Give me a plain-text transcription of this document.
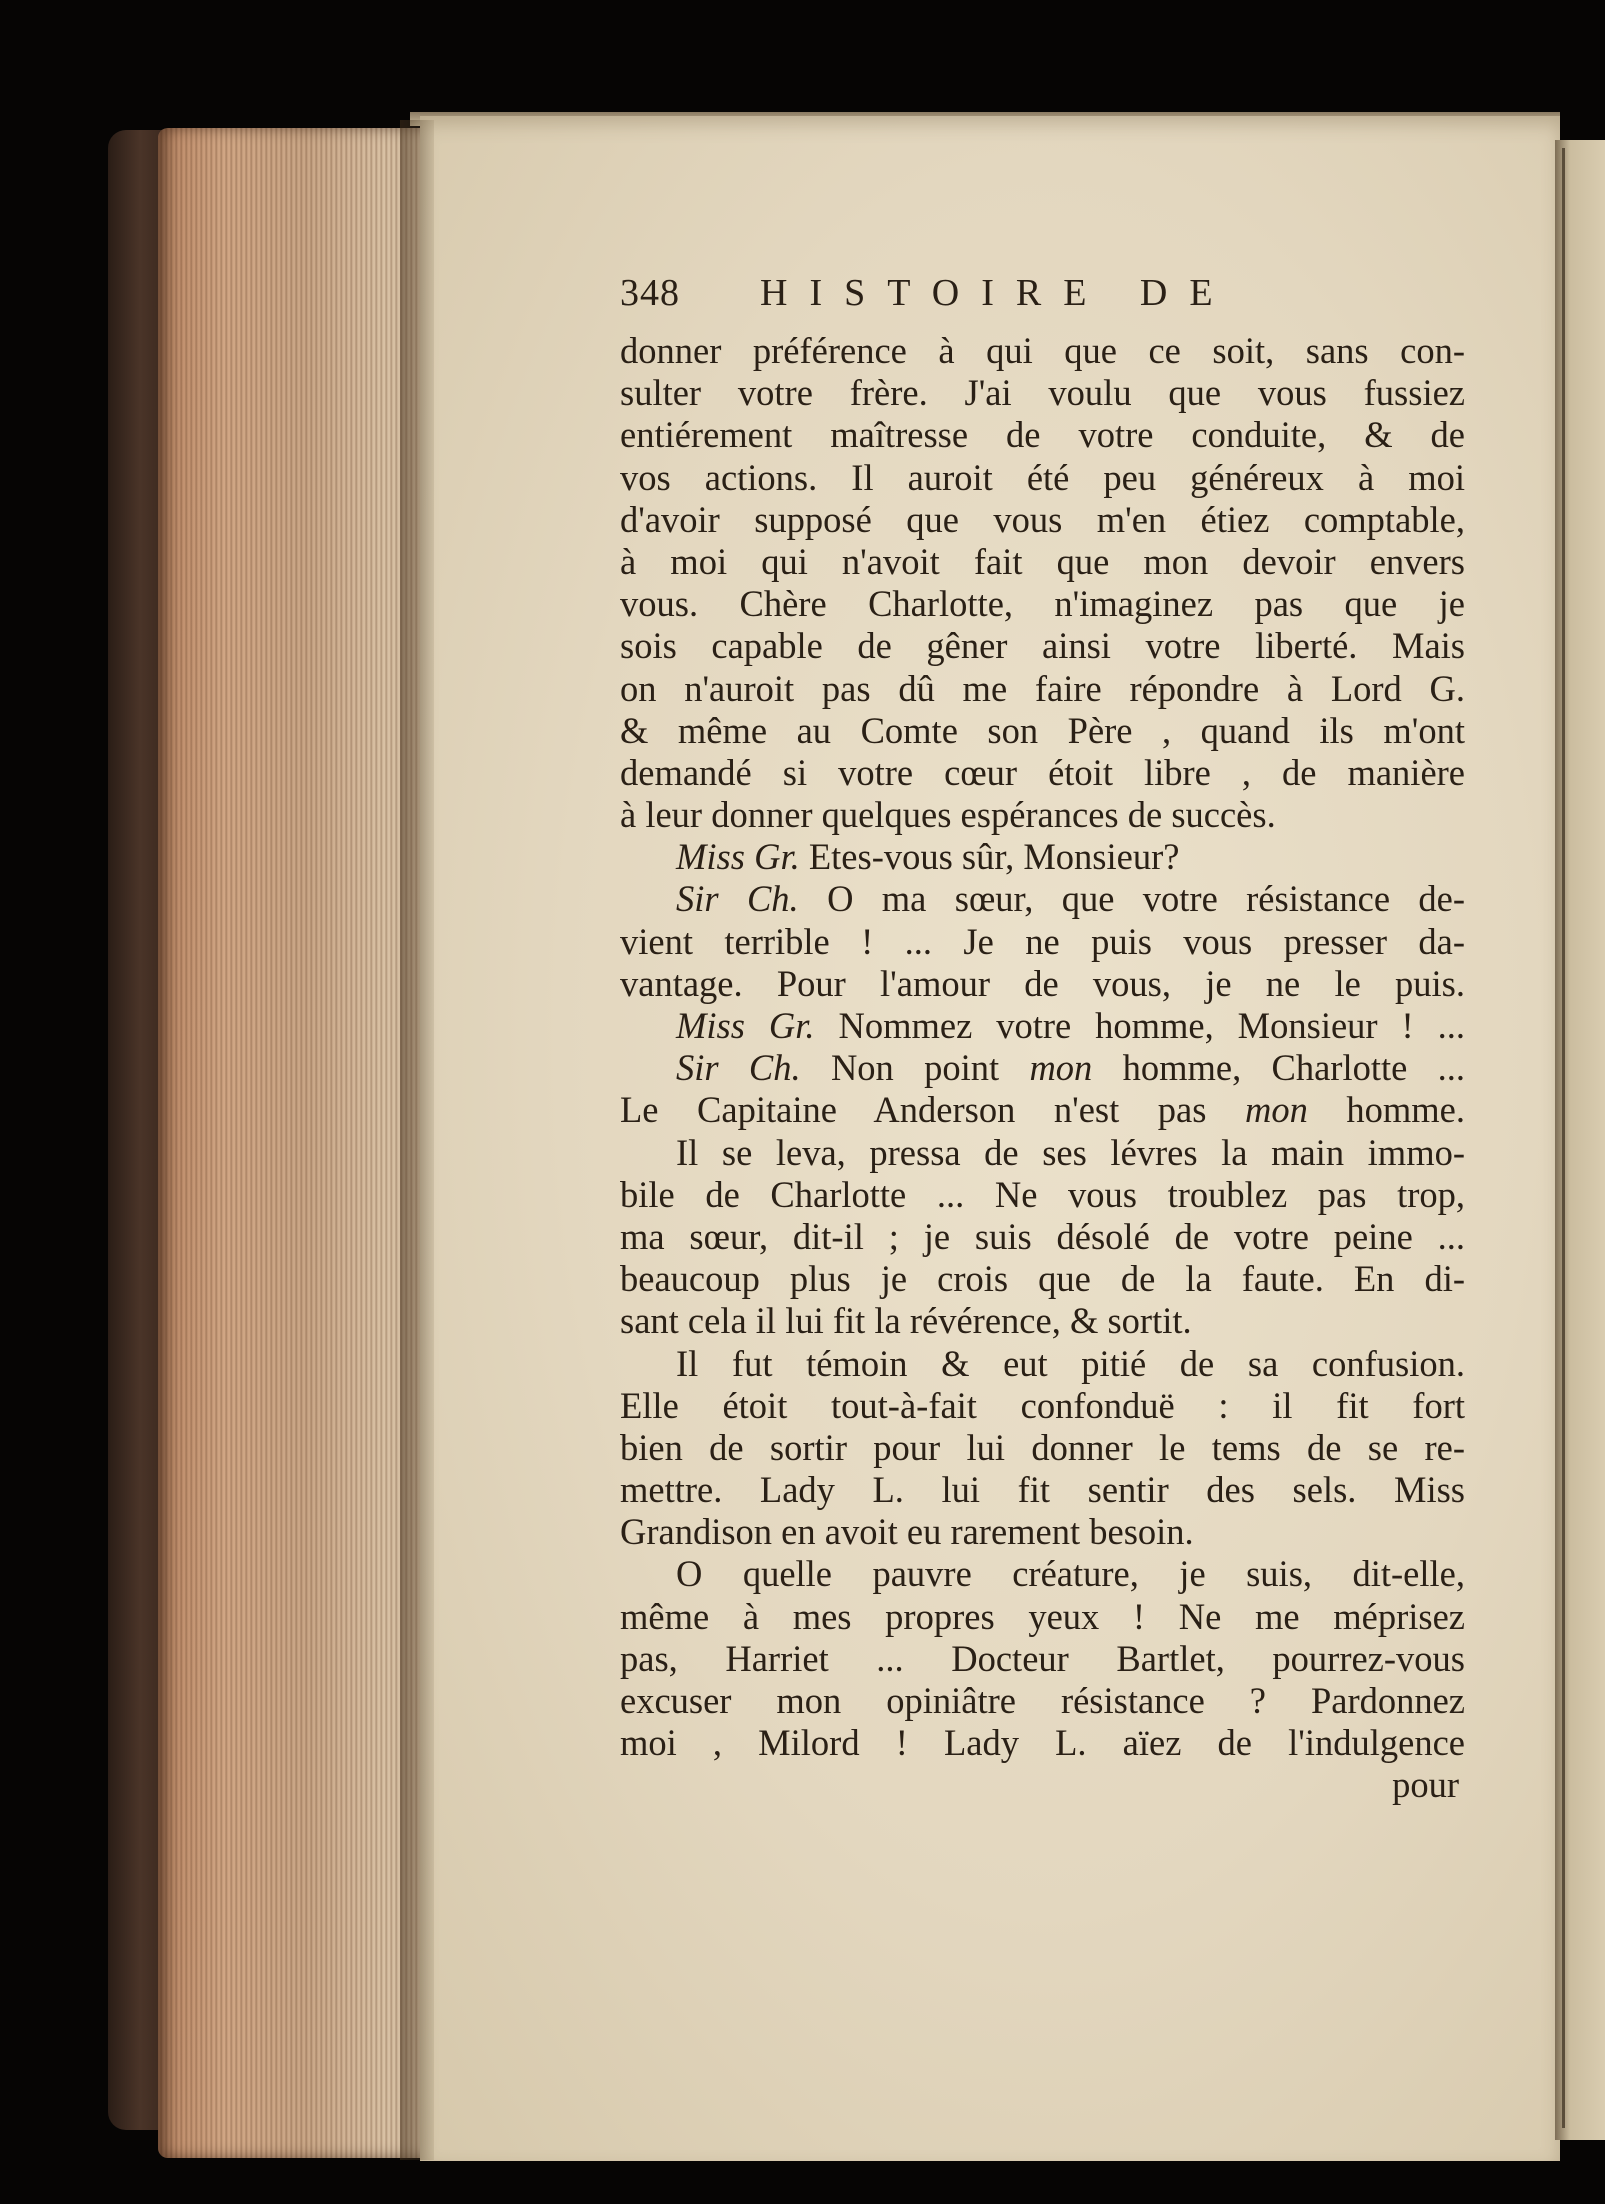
348	HISTOIRE DE
donner préférence à qui que ce soit, sans con-
sulter votre frère. J'ai voulu que vous fussiez
entiérement maîtresse de votre conduite, & de
vos actions. Il auroit été peu généreux à moi
d'avoir supposé que vous m'en étiez comptable,
à moi qui n'avoit fait que mon devoir envers
vous. Chère Charlotte, n'imaginez pas que je
sois capable de gêner ainsi votre liberté. Mais
on n'auroit pas dû me faire répondre à Lord G.
& même au Comte son Père , quand ils m'ont
demandé si votre cœur étoit libre , de manière
à leur donner quelques espérances de succès.
Miss Gr. Etes-vous sûr, Monsieur?
Sir Ch. O ma sœur, que votre résistance de-
vient terrible ! ... Je ne puis vous presser da-
vantage. Pour l'amour de vous, je ne le puis.
Miss Gr. Nommez votre homme, Monsieur ! ...
Sir Ch. Non point mon homme, Charlotte ...
Le Capitaine Anderson n'est pas mon homme.
Il se leva, pressa de ses lévres la main immo-
bile de Charlotte ... Ne vous troublez pas trop,
ma sœur, dit-il ; je suis désolé de votre peine ...
beaucoup plus je crois que de la faute. En di-
sant cela il lui fit la révérence, & sortit.
Il fut témoin & eut pitié de sa confusion.
Elle étoit tout-à-fait confonduë : il fit fort
bien de sortir pour lui donner le tems de se re-
mettre. Lady L. lui fit sentir des sels. Miss
Grandison en avoit eu rarement besoin.
O quelle pauvre créature, je suis, dit-elle,
même à mes propres yeux ! Ne me méprisez
pas, Harriet ... Docteur Bartlet, pourrez-vous
excuser mon opiniâtre résistance ? Pardonnez
moi , Milord ! Lady L. aïez de l'indulgence
pour
